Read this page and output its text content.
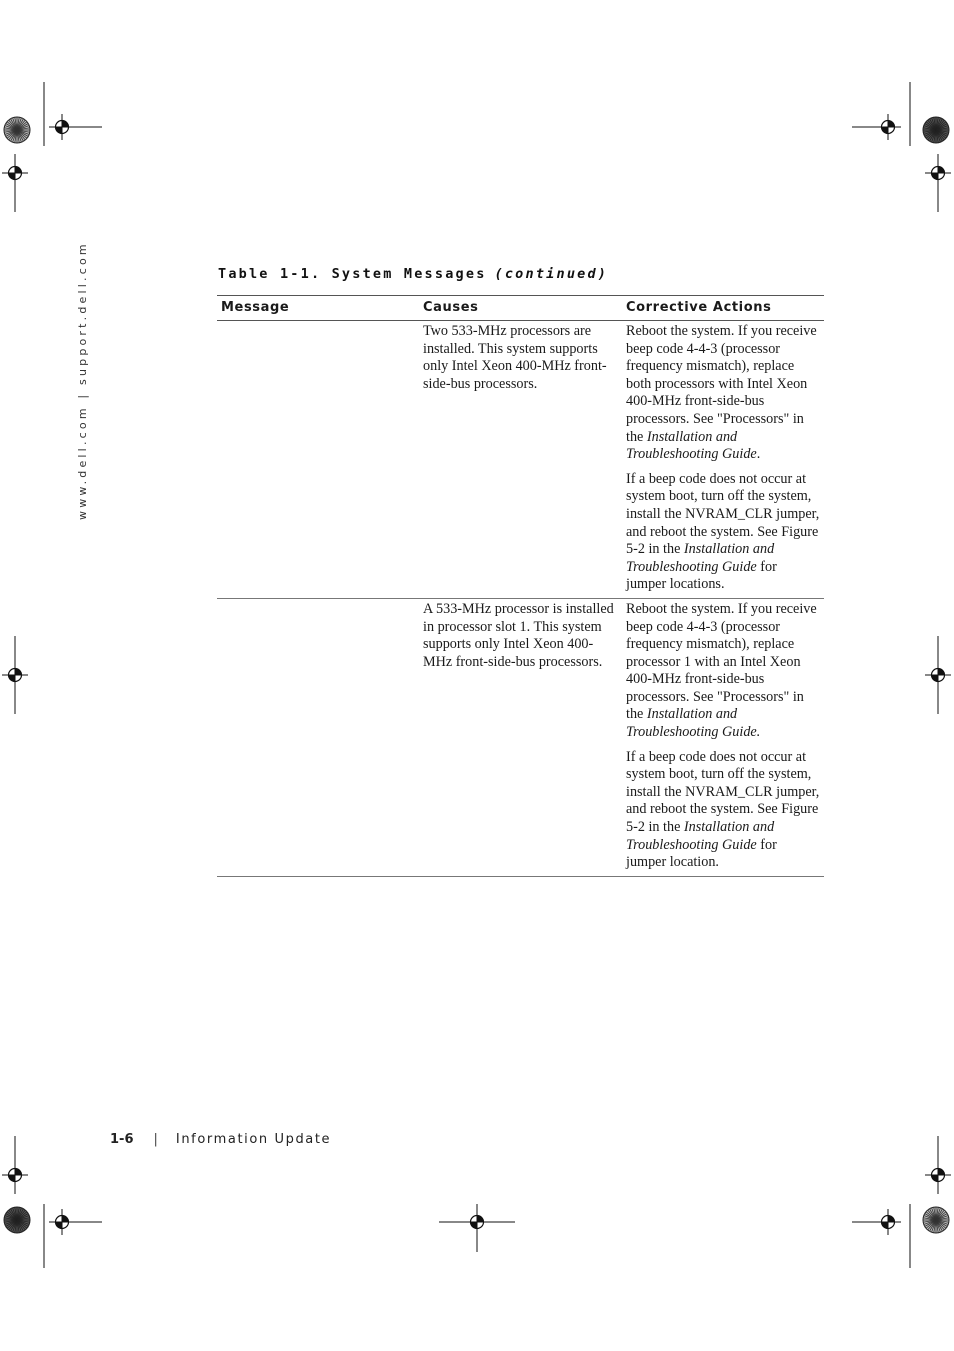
www.dell.com | support.dell.com	Table 1-1. System Messages (continued)
Message	Causes	Corrective Actions

	Two 533-MHz processors are installed. This system supports only Intel Xeon 400-MHz front-side-bus processors.	Reboot the system. If you receive beep code 4-4-3 (processor frequency mismatch), replace both processors with Intel Xeon 400-MHz front-side-bus processors. See "Processors" in the Installation and Troubleshooting Guide.

If a beep code does not occur at system boot, turn off the system, install the NVRAM_CLR jumper, and reboot the system. See Figure 5-2 in the Installation and Troubleshooting Guide for jumper locations.

	A 533-MHz processor is installed in processor slot 1. This system supports only Intel Xeon 400-MHz front-side-bus processors.	Reboot the system. If you receive beep code 4-4-3 (processor frequency mismatch), replace processor 1 with an Intel Xeon 400-MHz front-side-bus processors. See "Processors" in the Installation and Troubleshooting Guide.

If a beep code does not occur at system boot, turn off the system, install the NVRAM_CLR jumper, and reboot the system. See Figure 5-2 in the Installation and Troubleshooting Guide for jumper location.

1-6 | Information Update
